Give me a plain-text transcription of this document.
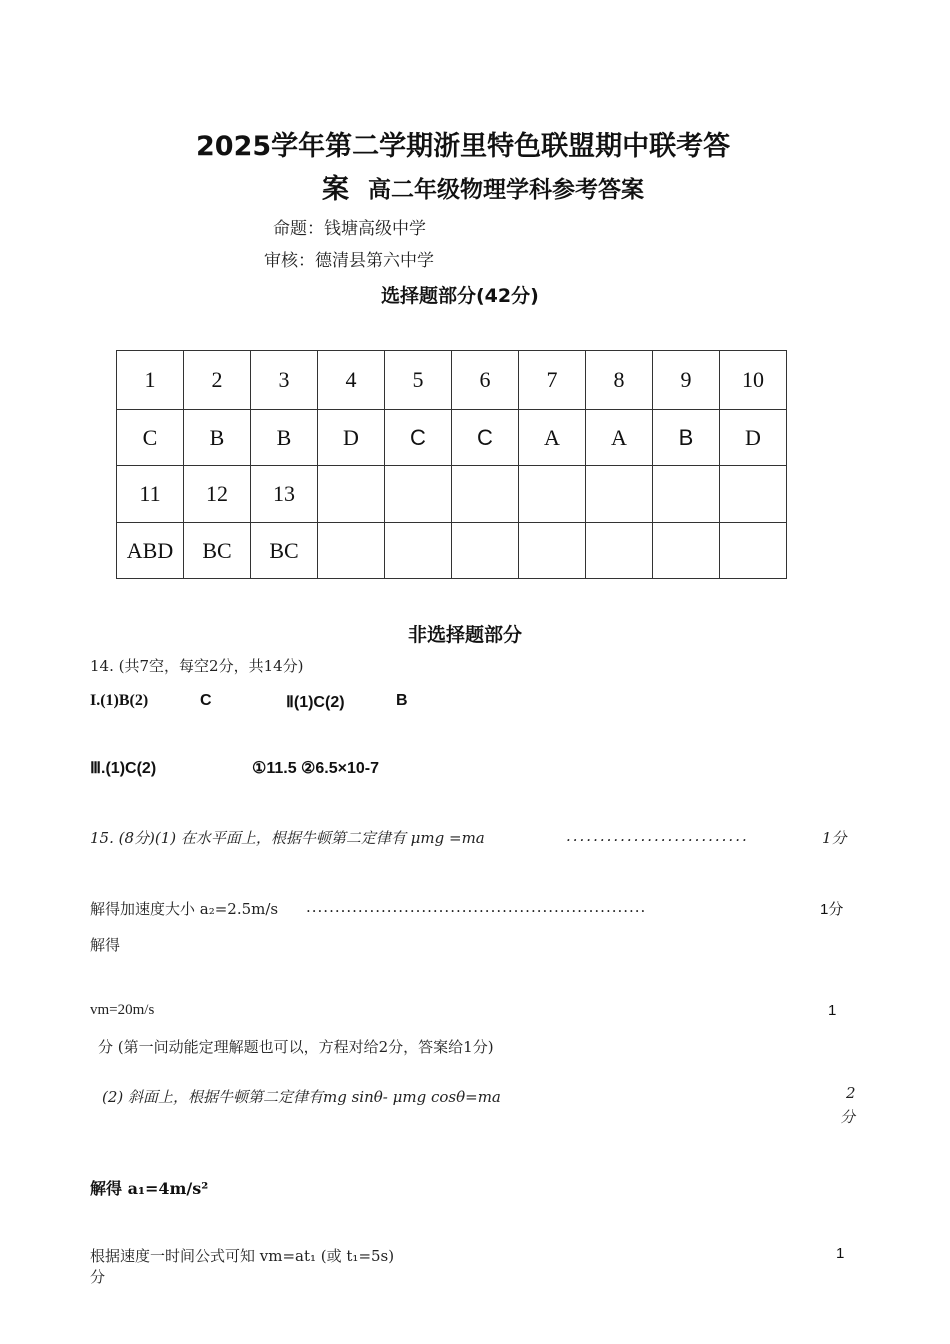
2025学年第二学期浙里特色联盟期中联考答
案 高二年级物理学科参考答案
命题：钱塘高级中学
审核：德清县第六中学
选择题部分(42分)
1	2	3	4	5	6	7	8	9	10
C	B	B	D	C	C	A	A	B	D
11	12	13							
ABD	BC	BC							
非选择题部分
14. (共7空，每空2分，共14分)
I.(1)B(2)	C	Ⅱ(1)C(2)	B
Ⅲ.(1)C(2)	①11.5 ②6.5×10-7
15. (8分)(1) 在水平面上，根据牛顿第二定律有 μmg =ma	...........................	1分
解得加速度大小 a₂=2.5m/s ...........................................................	1分
解得
vm=20m/s	1
分 (第一问动能定理解题也可以，方程对给2分，答案给1分)
(2) 斜面上，根据牛顿第二定律有mg sinθ- μmg cosθ=ma	2
分
解得 a₁=4m/s²
根据速度一时间公式可知 vm=at₁ (或 t₁=5s)	1
分
